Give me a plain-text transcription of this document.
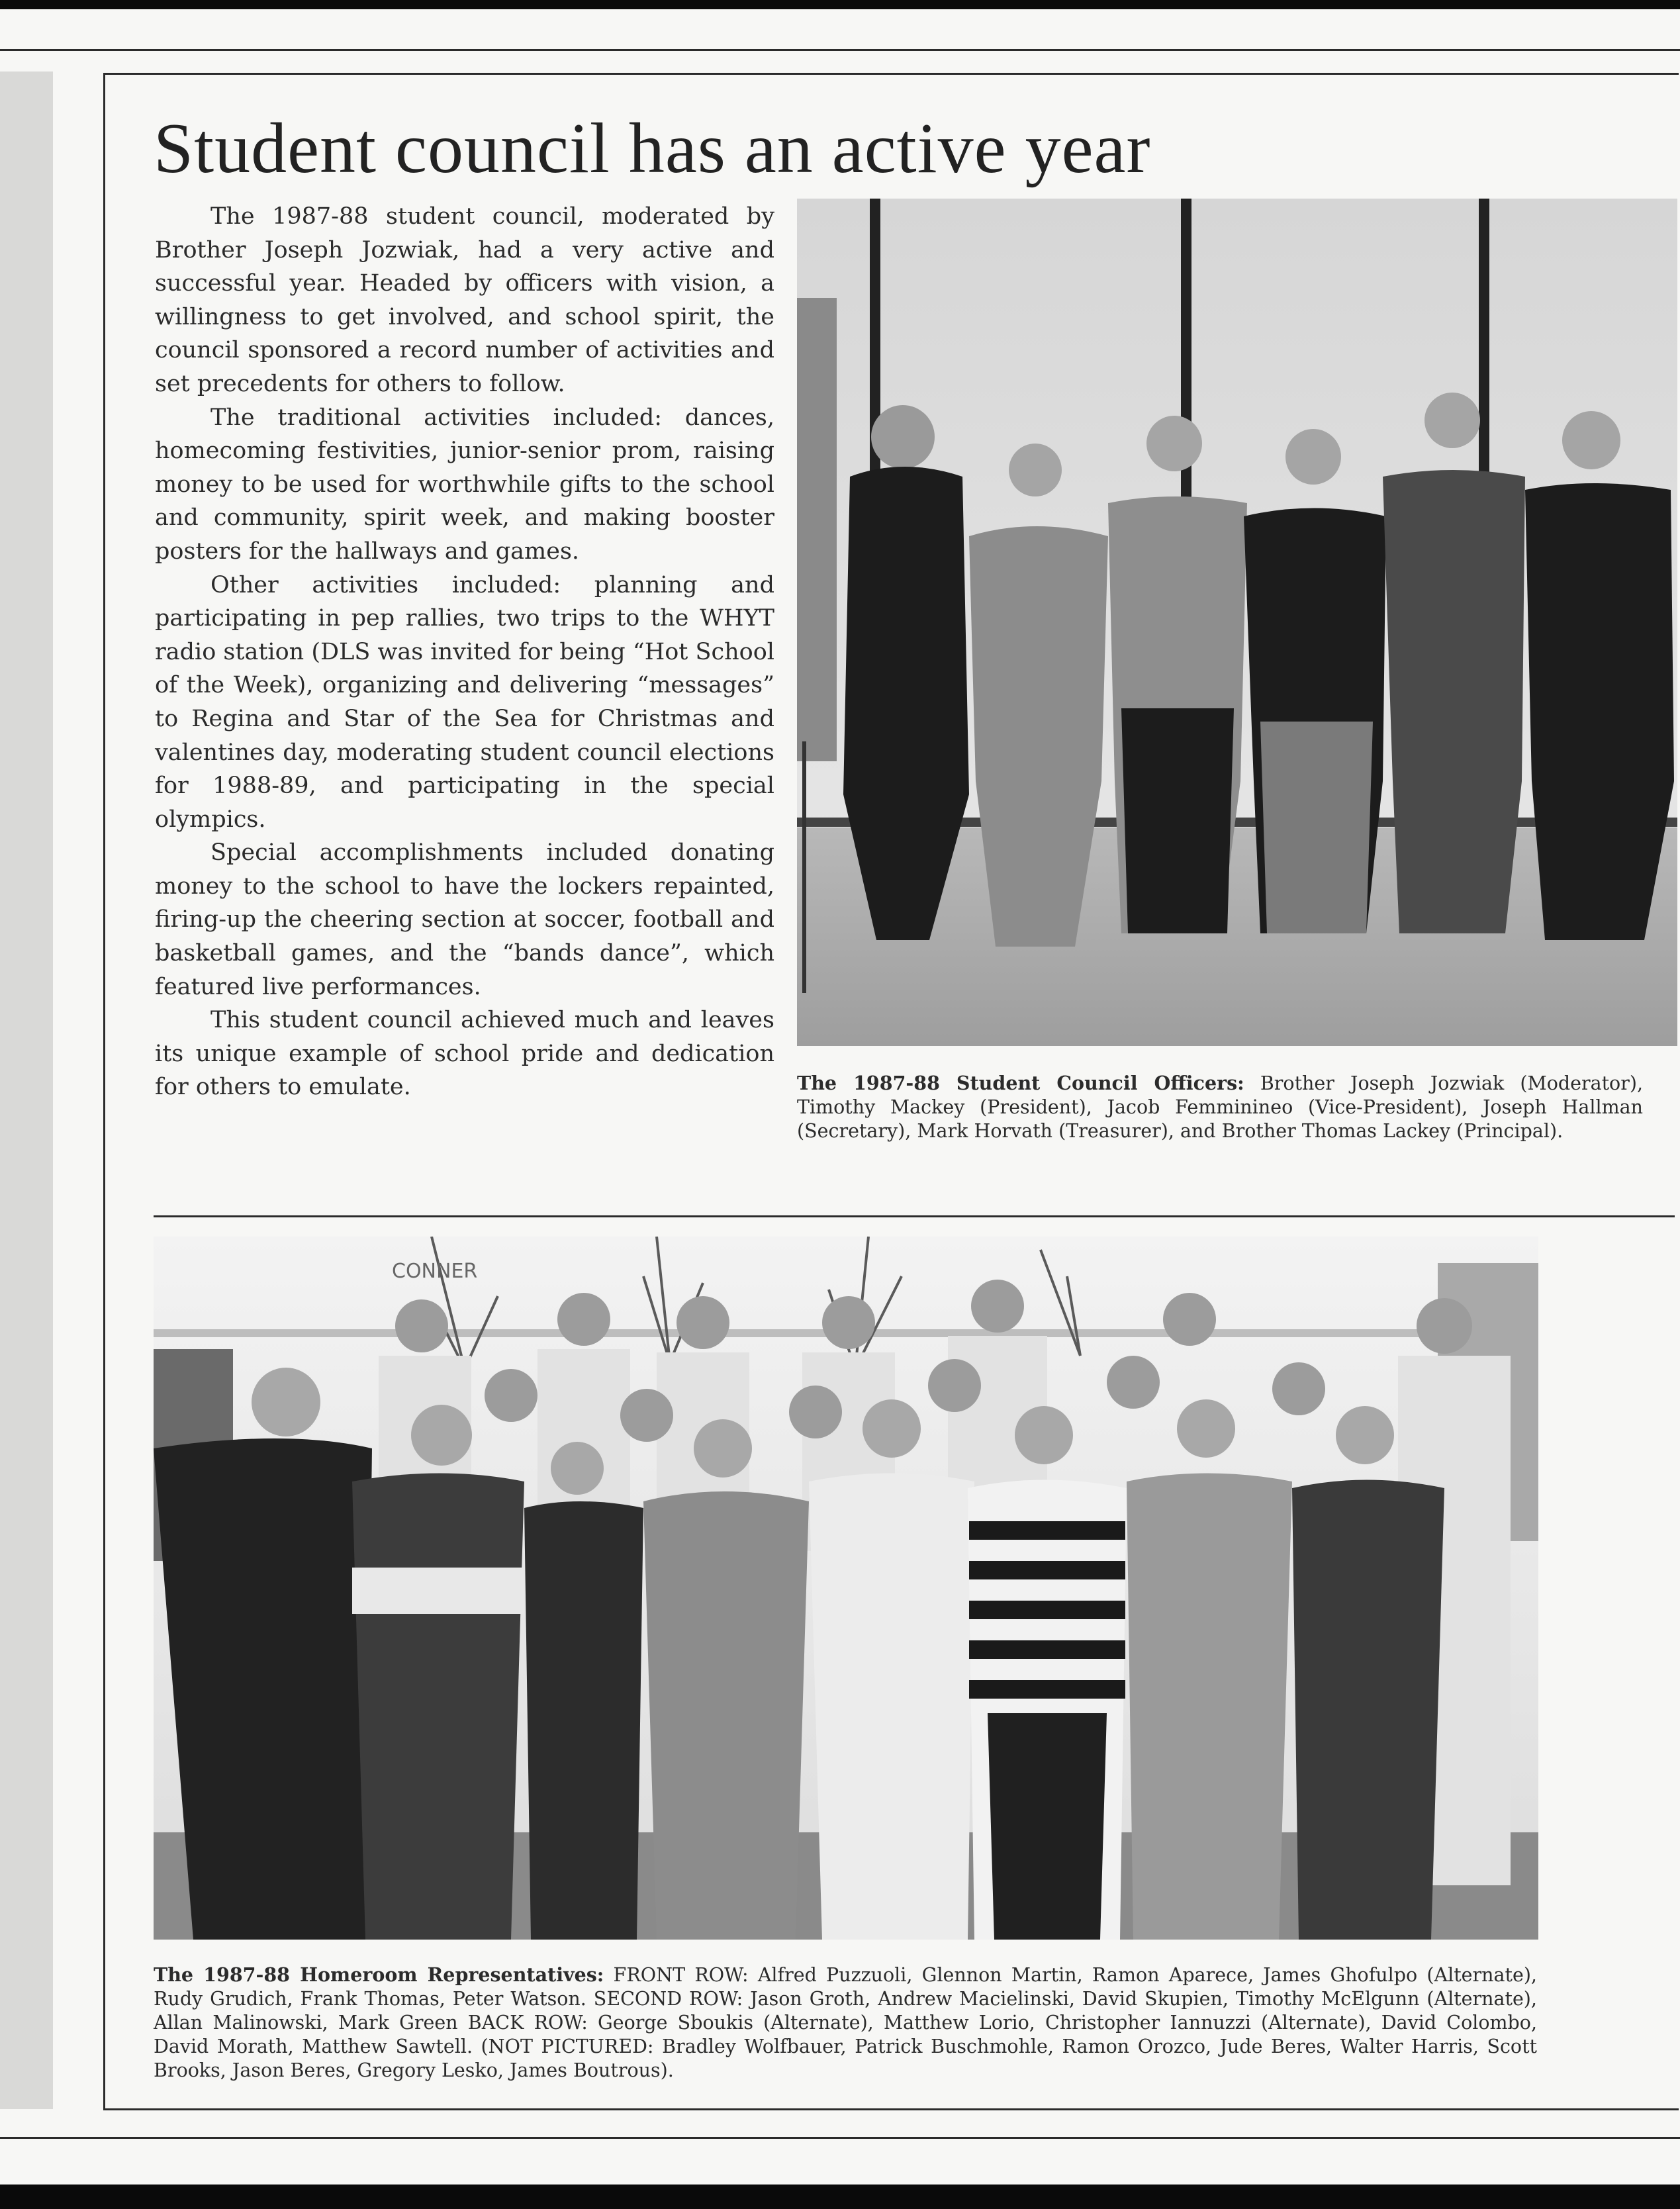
Student council has an active year

The 1987-88 student council, moderated by Brother Joseph Jozwiak, had a very active and successful year. Headed by officers with vision, a willingness to get involved, and school spirit, the council sponsored a record number of activities and set precedents for others to follow.

The traditional activities included: dances, homecoming festivities, junior-senior prom, raising money to be used for worthwhile gifts to the school and community, spirit week, and making booster posters for the hallways and games.

Other activities included: planning and participating in pep rallies, two trips to the WHYT radio station (DLS was invited for being “Hot School of the Week), organizing and delivering “messages” to Regina and Star of the Sea for Christmas and valentines day, moderating student council elections for 1988-89, and participating in the special olympics.

Special accomplishments included donating money to the school to have the lockers repainted, firing-up the cheering section at soccer, football and basketball games, and the “bands dance”, which featured live performances.

This student council achieved much and leaves its unique example of school pride and dedication for others to emulate.	The 1987-88 Student Council Officers: Brother Joseph Jozwiak (Moderator), Timothy Mackey (President), Jacob Femminineo (Vice-President), Joseph Hallman (Secretary), Mark Horvath (Treasurer), and Brother Thomas Lackey (Principal).
CONNER
The 1987-88 Homeroom Representatives: FRONT ROW: Alfred Puzzuoli, Glennon Martin, Ramon Aparece, James Ghofulpo (Alternate), Rudy Grudich, Frank Thomas, Peter Watson. SECOND ROW: Jason Groth, Andrew Macielinski, David Skupien, Timothy McElgunn (Alternate), Allan Malinowski, Mark Green BACK ROW: George Sboukis (Alternate), Matthew Lorio, Christopher Iannuzzi (Alternate), David Colombo, David Morath, Matthew Sawtell. (NOT PICTURED: Bradley Wolfbauer, Patrick Buschmohle, Ramon Orozco, Jude Beres, Walter Harris, Scott Brooks, Jason Beres, Gregory Lesko, James Boutrous).
